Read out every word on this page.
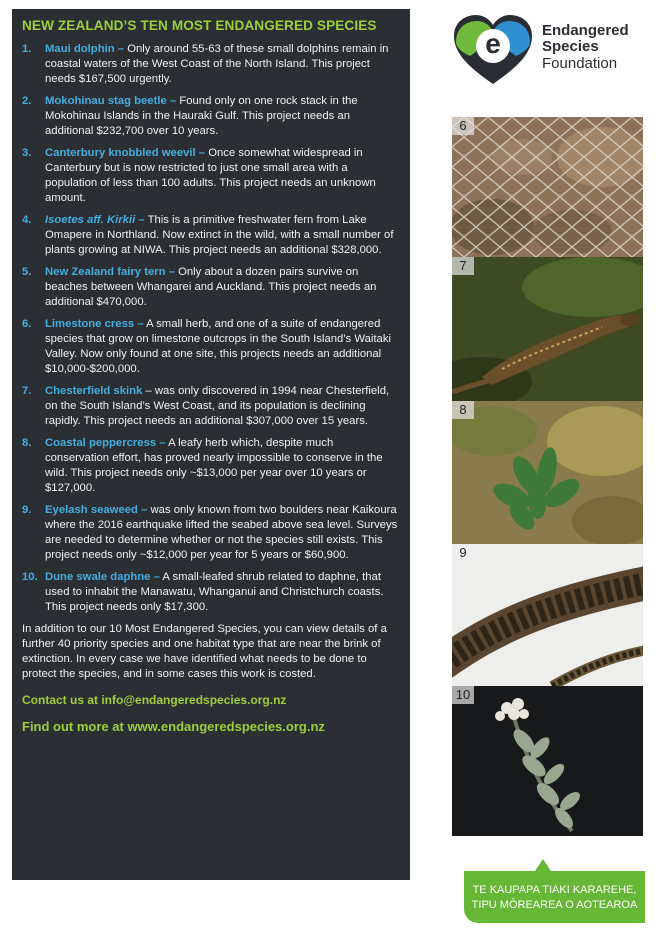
NEW ZEALAND’S TEN MOST ENDANGERED SPECIES
1. Maui dolphin – Only around 55-63 of these small dolphins remain in coastal waters of the West Coast of the North Island. This project needs $167,500 urgently.
2. Mokohinau stag beetle – Found only on one rock stack in the Mokohinau Islands in the Hauraki Gulf. This project needs an additional $232,700 over 10 years.
3. Canterbury knobbled weevil – Once somewhat widespread in Canterbury but is now restricted to just one small area with a population of less than 100 adults. This project needs an unknown amount.
4. Isoetes aff. Kirkii – This is a primitive freshwater fern from Lake Omapere in Northland. Now extinct in the wild, with a small number of plants growing at NIWA. This project needs an additional $328,000.
5. New Zealand fairy tern – Only about a dozen pairs survive on beaches between Whangarei and Auckland. This project needs an additional $470,000.
6. Limestone cress – A small herb, and one of a suite of endangered species that grow on limestone outcrops in the South Island’s Waitaki Valley. Now only found at one site, this projects needs an additional $10,000-$200,000.
7. Chesterfield skink – was only discovered in 1994 near Chesterfield, on the South Island’s West Coast, and its population is declining rapidly. This project needs an additional $307,000 over 15 years.
8. Coastal peppercress – A leafy herb which, despite much conservation effort, has proved nearly impossible to conserve in the wild. This project needs only ~$13,000 per year over 10 years or $127,000.
9. Eyelash seaweed – was only known from two boulders near Kaikoura where the 2016 earthquake lifted the seabed above sea level. Surveys are needed to determine whether or not the species still exists. This project needs only ~$12,000 per year for 5 years or $60,900.
10. Dune swale daphne – A small-leafed shrub related to daphne, that used to inhabit the Manawatu, Whanganui and Christchurch coasts. This project needs only $17,300.

In addition to our 10 Most Endangered Species, you can view details of a further 40 priority species and one habitat type that are near the brink of extinction. In every case we have identified what needs to be done to protect the species, and in some cases this work is costed.

Contact us at info@endangeredspecies.org.nz

Find out more at www.endangeredspecies.org.nz

e	Endangered
Species
Foundation
6
7
8
9
10
TE KAUPAPA TIAKI KARAREHE,
TIPU MŌREAREA O AOTEAROA
